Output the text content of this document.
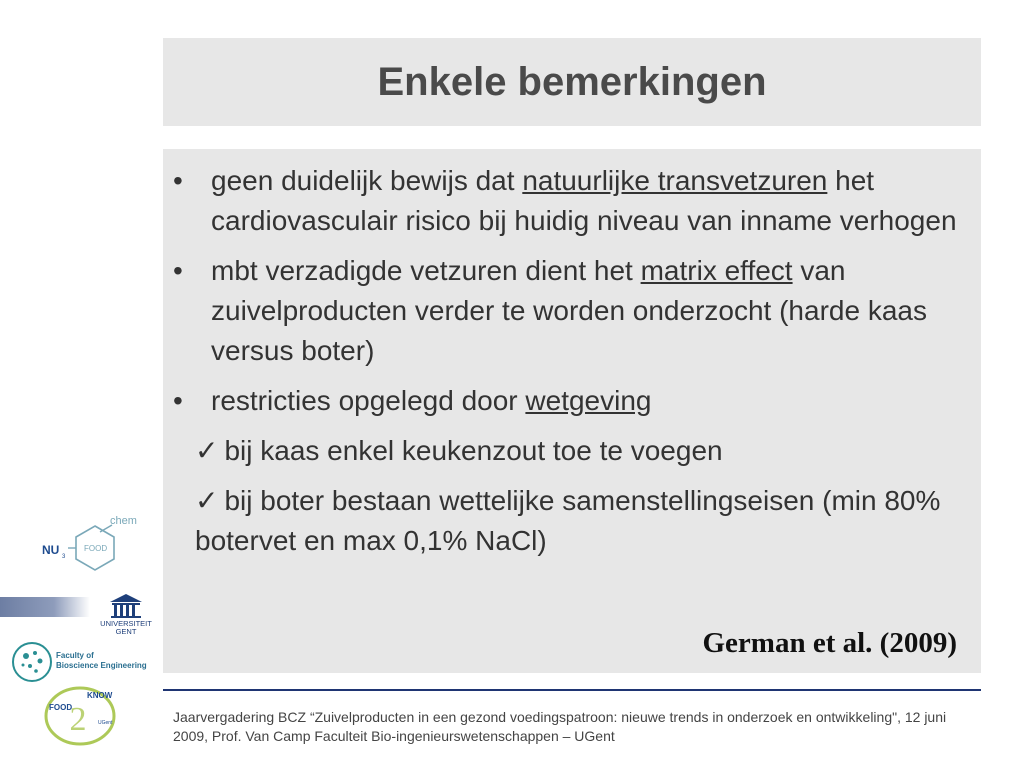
Enkele bemerkingen
•	geen duidelijk bewijs dat natuurlijke transvetzuren het cardiovasculair risico bij huidig niveau van inname verhogen
•	mbt verzadigde vetzuren dient het matrix effect van zuivelproducten verder te worden onderzocht (harde kaas versus boter)
•	restricties opgelegd door wetgeving
✓ bij kaas enkel keukenzout toe te voegen
✓ bij boter bestaan wettelijke samenstellingseisen (min 80% botervet en max 0,1% NaCl)
German et al. (2009)
Jaarvergadering BCZ “Zuivelproducten in een gezond voedingspatroon: nieuwe trends in onderzoek en ontwikkeling", 12 juni 2009, Prof. Van Camp Faculteit Bio-ingenieurswetenschappen – UGent
NU 3
FOOD
chem
UNIVERSITEIT
GENT
Faculty of
Bioscience Engineering
2
FOOD
KNOW
UGent
